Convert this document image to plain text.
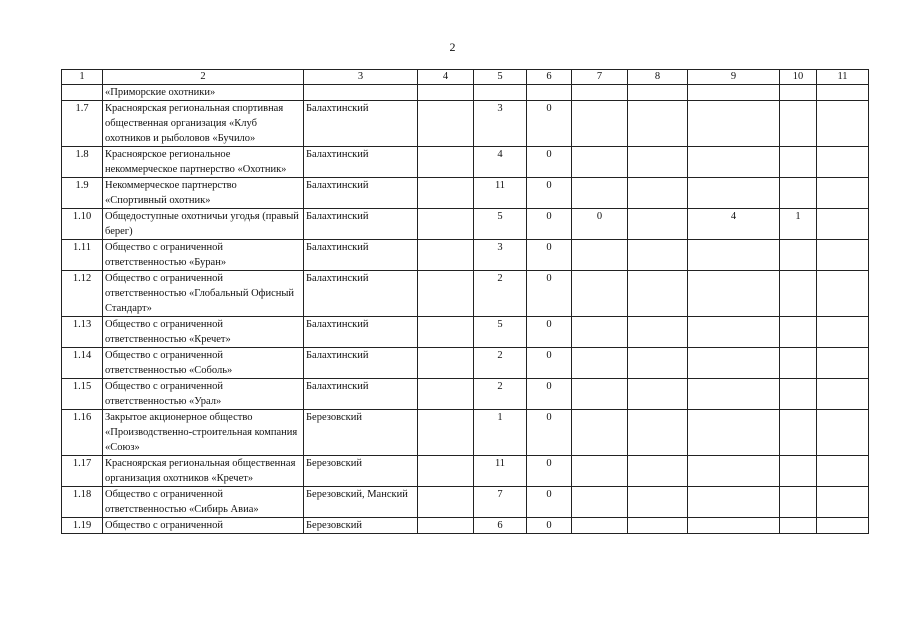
2
1	2	3	4	5	6	7	8	9	10	11
	«Приморские охотники»									
1.7	Красноярская региональная спортивная общественная организация «Клуб охотников и рыболовов «Бучило»	Балахтинский		3	0					
1.8	Красноярское региональное некоммерческое партнерство «Охотник»	Балахтинский		4	0					
1.9	Некоммерческое партнерство «Спортивный охотник»	Балахтинский		11	0					
1.10	Общедоступные охотничьи угодья (правый берег)	Балахтинский		5	0	0		4	1	
1.11	Общество с ограниченной ответственностью «Буран»	Балахтинский		3	0					
1.12	Общество с ограниченной ответственностью «Глобальный Офисный Стандарт»	Балахтинский		2	0					
1.13	Общество с ограниченной ответственностью «Кречет»	Балахтинский		5	0					
1.14	Общество с ограниченной ответственностью «Соболь»	Балахтинский		2	0					
1.15	Общество с ограниченной ответственностью «Урал»	Балахтинский		2	0					
1.16	Закрытое акционерное общество «Производственно-строительная компания «Союз»	Березовский		1	0					
1.17	Красноярская региональная общественная организация охотников «Кречет»	Березовский		11	0					
1.18	Общество с ограниченной ответственностью «Сибирь Авиа»	Березовский, Манский		7	0					
1.19	Общество с ограниченной	Березовский		6	0					
